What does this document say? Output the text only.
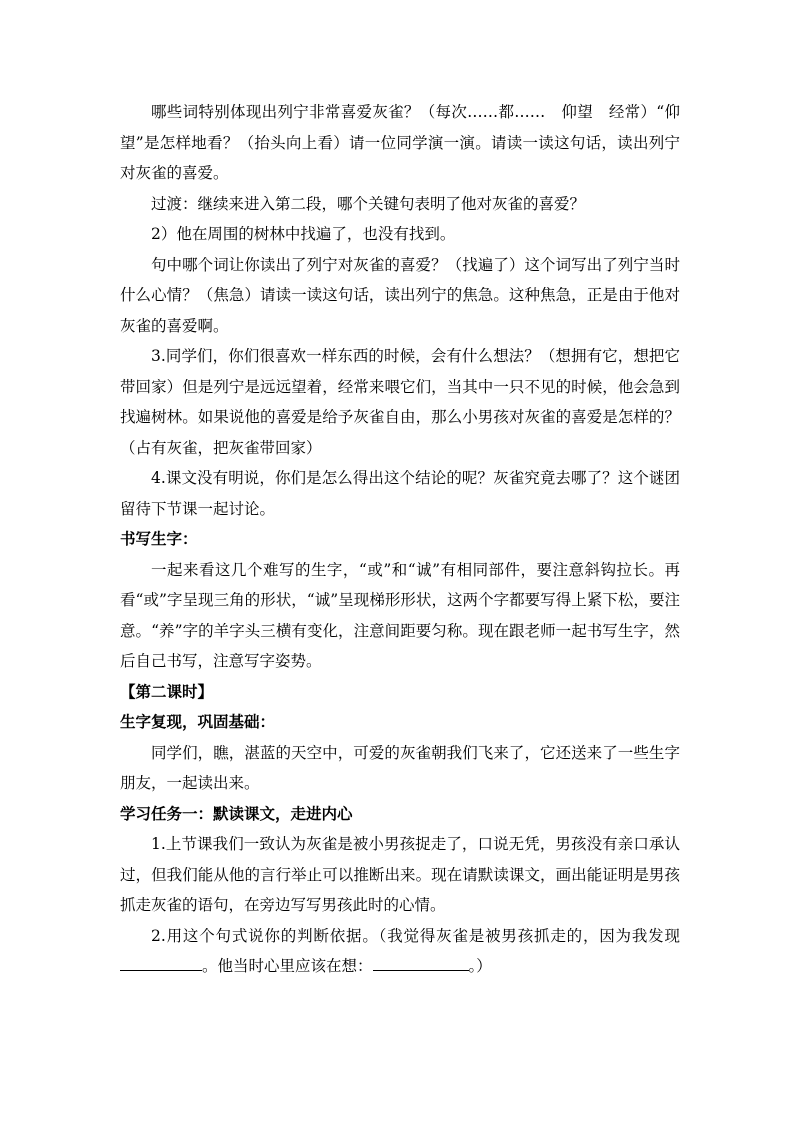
哪些词特别体现出列宁非常喜爱灰雀？（每次……都……　仰望　经常）“仰望”是怎样地看？（抬头向上看）请一位同学演一演。请读一读这句话，读出列宁对灰雀的喜爱。

过渡：继续来进入第二段，哪个关键句表明了他对灰雀的喜爱？

2）他在周围的树林中找遍了，也没有找到。

句中哪个词让你读出了列宁对灰雀的喜爱？（找遍了）这个词写出了列宁当时什么心情？（焦急）请读一读这句话，读出列宁的焦急。这种焦急，正是由于他对灰雀的喜爱啊。

3.同学们，你们很喜欢一样东西的时候，会有什么想法？（想拥有它，想把它带回家）但是列宁是远远望着，经常来喂它们，当其中一只不见的时候，他会急到找遍树林。如果说他的喜爱是给予灰雀自由，那么小男孩对灰雀的喜爱是怎样的？（占有灰雀，把灰雀带回家）

4.课文没有明说，你们是怎么得出这个结论的呢？灰雀究竟去哪了？这个谜团留待下节课一起讨论。

书写生字：

一起来看这几个难写的生字，“或”和“诚”有相同部件，要注意斜钩拉长。再看“或”字呈现三角的形状，“诚”呈现梯形形状，这两个字都要写得上紧下松，要注意。“养”字的羊字头三横有变化，注意间距要匀称。现在跟老师一起书写生字，然后自己书写，注意写字姿势。

【第二课时】

生字复现，巩固基础：

同学们，瞧，湛蓝的天空中，可爱的灰雀朝我们飞来了，它还送来了一些生字朋友，一起读出来。

学习任务一：默读课文，走进内心

1.上节课我们一致认为灰雀是被小男孩捉走了，口说无凭，男孩没有亲口承认过，但我们能从他的言行举止可以推断出来。现在请默读课文，画出能证明是男孩抓走灰雀的语句，在旁边写写男孩此时的心情。

2.用这个句式说你的判断依据。（我觉得灰雀是被男孩抓走的，因为我发现。他当时心里应该在想：	。）
